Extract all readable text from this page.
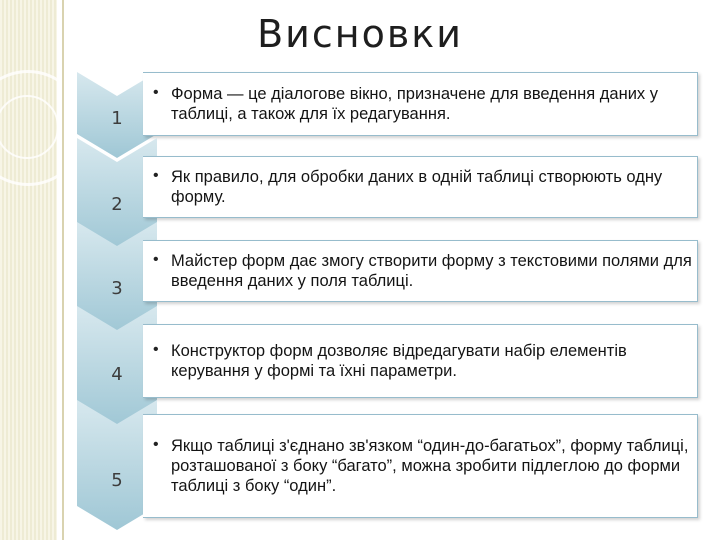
Висновки
1
• Форма — це діалогове вікно, призначене для введення даних у таблиці, а також для їх редагування.
2
• Як правило, для обробки даних в одній таблиці створюють одну форму.
3
• Майстер форм дає змогу створити форму з текстовими полями для введення даних у поля таблиці.
4
• Конструктор форм дозволяє відредагувати набір елементів керування у формі та їхні параметри.
5
• Якщо таблиці з'єднано зв'язком “один-до-багатьох”, форму таблиці, розташованої з боку “багато”, можна зробити підлеглою до форми таблиці з боку “один”.
